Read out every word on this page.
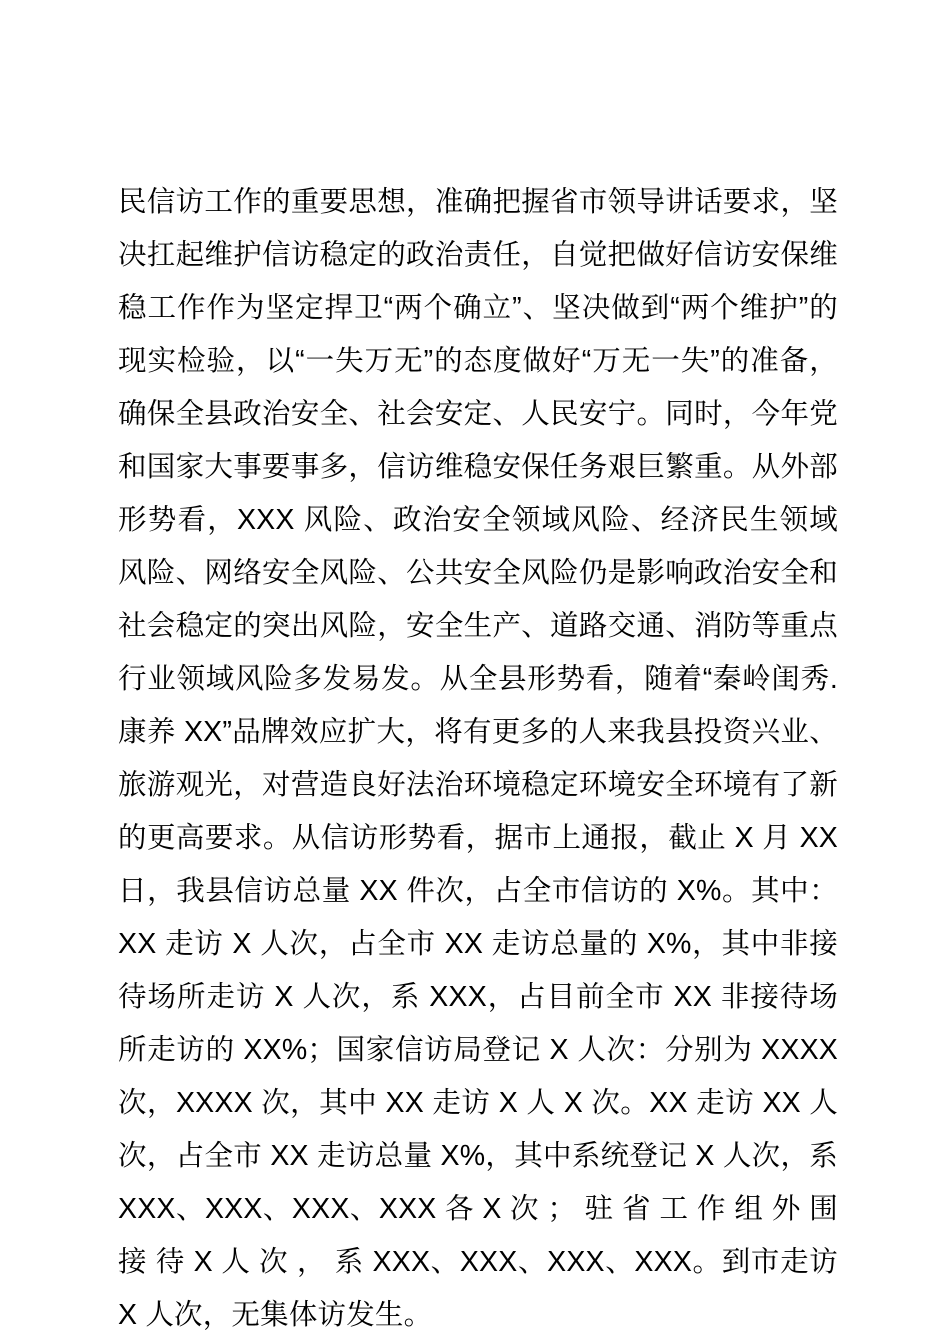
民信访工作的重要思想，准确把握省市领导讲话要求，坚决扛起维护信访稳定的政治责任，自觉把做好信访安保维稳工作作为坚定捍卫“两个确立”、坚决做到“两个维护”的现实检验，以“一失万无”的态度做好“万无一失”的准备，确保全县政治安全、社会安定、人民安宁。同时，今年党和国家大事要事多，信访维稳安保任务艰巨繁重。从外部形势看，XXX 风险、政治安全领域风险、经济民生领域风险、网络安全风险、公共安全风险仍是影响政治安全和社会稳定的突出风险，安全生产、道路交通、消防等重点行业领域风险多发易发。从全县形势看，随着“秦岭闺秀.康养 XX”品牌效应扩大，将有更多的人来我县投资兴业、旅游观光，对营造良好法治环境稳定环境安全环境有了新的更高要求。从信访形势看，据市上通报，截止 X 月 XX 日，我县信访总量 XX 件次，占全市信访的 X%。其中：XX 走访 X 人次，占全市 XX 走访总量的 X%，其中非接待场所走访 X 人次，系 XXX，占目前全市 XX 非接待场所走访的 XX%；国家信访局登记 X 人次：分别为 XXXX 次，XXXX 次，其中 XX 走访 X 人 X 次。XX 走访 XX 人次，占全市 XX 走访总量 X%，其中系统登记 X 人次，系 XXX、XXX、XXX、XXX 各 X 次 ； 驻 省 工 作 组 外 围 接 待 X 人 次 ， 系 XXX、XXX、XXX、XXX。到市走访 X 人次，无集体访发生。
